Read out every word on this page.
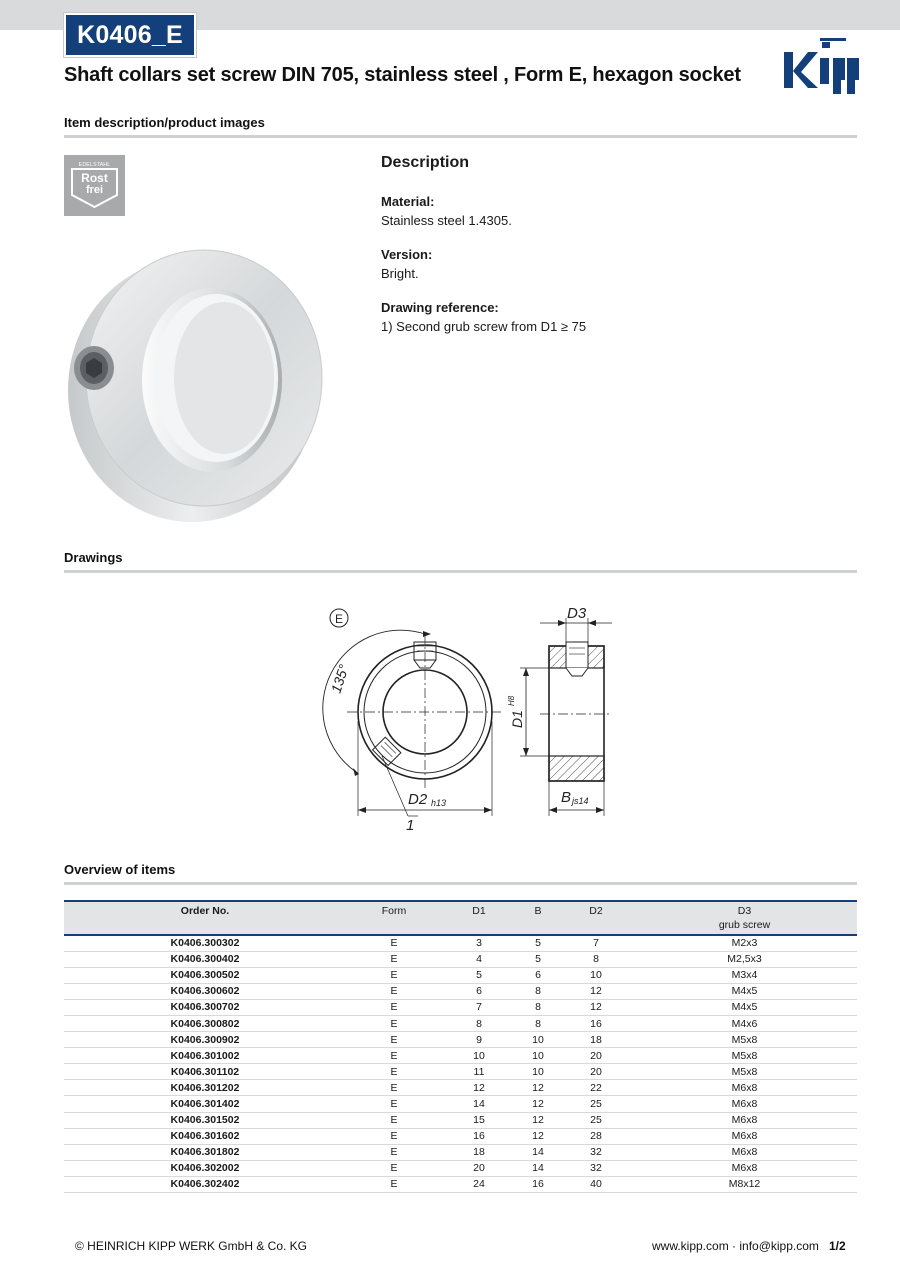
K0406_E
Shaft collars set screw DIN 705, stainless steel , Form E, hexagon socket
Item description/product images
EDELSTAHL
Rost
frei
Description
Material:
Stainless steel 1.4305.
Version:
Bright.
Drawing reference:
1) Second grub screw from D1 ≥ 75
Drawings
E
135°
D2 h13
1
D1
H8
D3
B js14
Overview of items
Order No.	Form	D1	B	D2	D3
grub screw

K0406.300302	E	3	5	7	M2x3
K0406.300402	E	4	5	8	M2,5x3
K0406.300502	E	5	6	10	M3x4
K0406.300602	E	6	8	12	M4x5
K0406.300702	E	7	8	12	M4x5
K0406.300802	E	8	8	16	M4x6
K0406.300902	E	9	10	18	M5x8
K0406.301002	E	10	10	20	M5x8
K0406.301102	E	11	10	20	M5x8
K0406.301202	E	12	12	22	M6x8
K0406.301402	E	14	12	25	M6x8
K0406.301502	E	15	12	25	M6x8
K0406.301602	E	16	12	28	M6x8
K0406.301802	E	18	14	32	M6x8
K0406.302002	E	20	14	32	M6x8
K0406.302402	E	24	16	40	M8x12
© HEINRICH KIPP WERK GmbH & Co. KG	www.kipp.com · info@kipp.com 1/2
